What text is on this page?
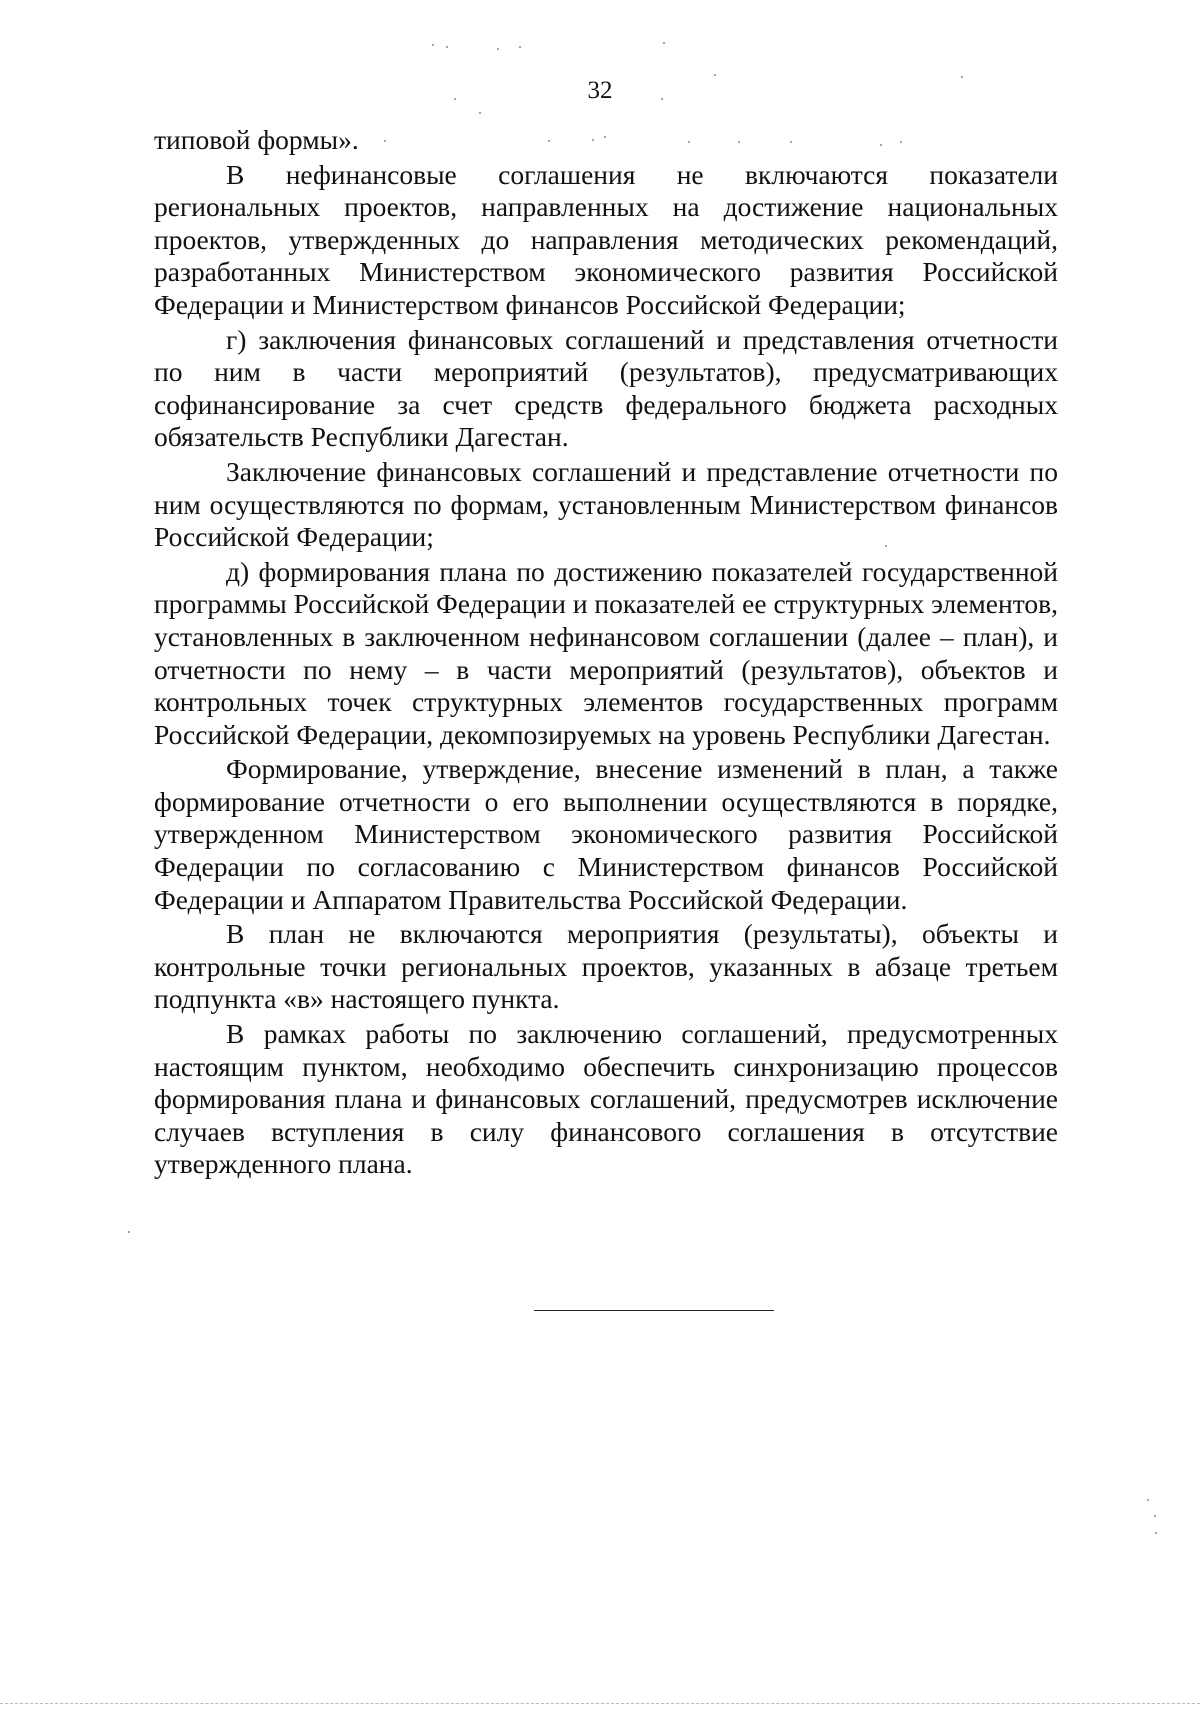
32

типовой формы».

В нефинансовые соглашения не включаются показатели региональных проектов, направленных на достижение национальных проектов, утвержденных до направления методических рекомендаций, разработанных Министерством экономического развития Российской Федерации и Министерством финансов Российской Федерации;

г) заключения финансовых соглашений и представления отчетности по ним в части мероприятий (результатов), предусматривающих софинансирование за счет средств федерального бюджета расходных обязательств Республики Дагестан.

Заключение финансовых соглашений и представление отчетности по ним осуществляются по формам, установленным Министерством финансов Российской Федерации;

д) формирования плана по достижению показателей государственной программы Российской Федерации и показателей ее структурных элементов, установленных в заключенном нефинансовом соглашении (далее – план), и отчетности по нему – в части мероприятий (результатов), объектов и контрольных точек структурных элементов государственных программ Российской Федерации, декомпозируемых на уровень Республики Дагестан.

Формирование, утверждение, внесение изменений в план, а также формирование отчетности о его выполнении осуществляются в порядке, утвержденном Министерством экономического развития Российской Федерации по согласованию с Министерством финансов Российской Федерации и Аппаратом Правительства Российской Федерации.

В план не включаются мероприятия (результаты), объекты и контрольные точки региональных проектов, указанных в абзаце третьем подпункта «в» настоящего пункта.

В рамках работы по заключению соглашений, предусмотренных настоящим пунктом, необходимо обеспечить синхронизацию процессов формирования плана и финансовых соглашений, предусмотрев исключение случаев вступления в силу финансового соглашения в отсутствие утвержденного плана.
